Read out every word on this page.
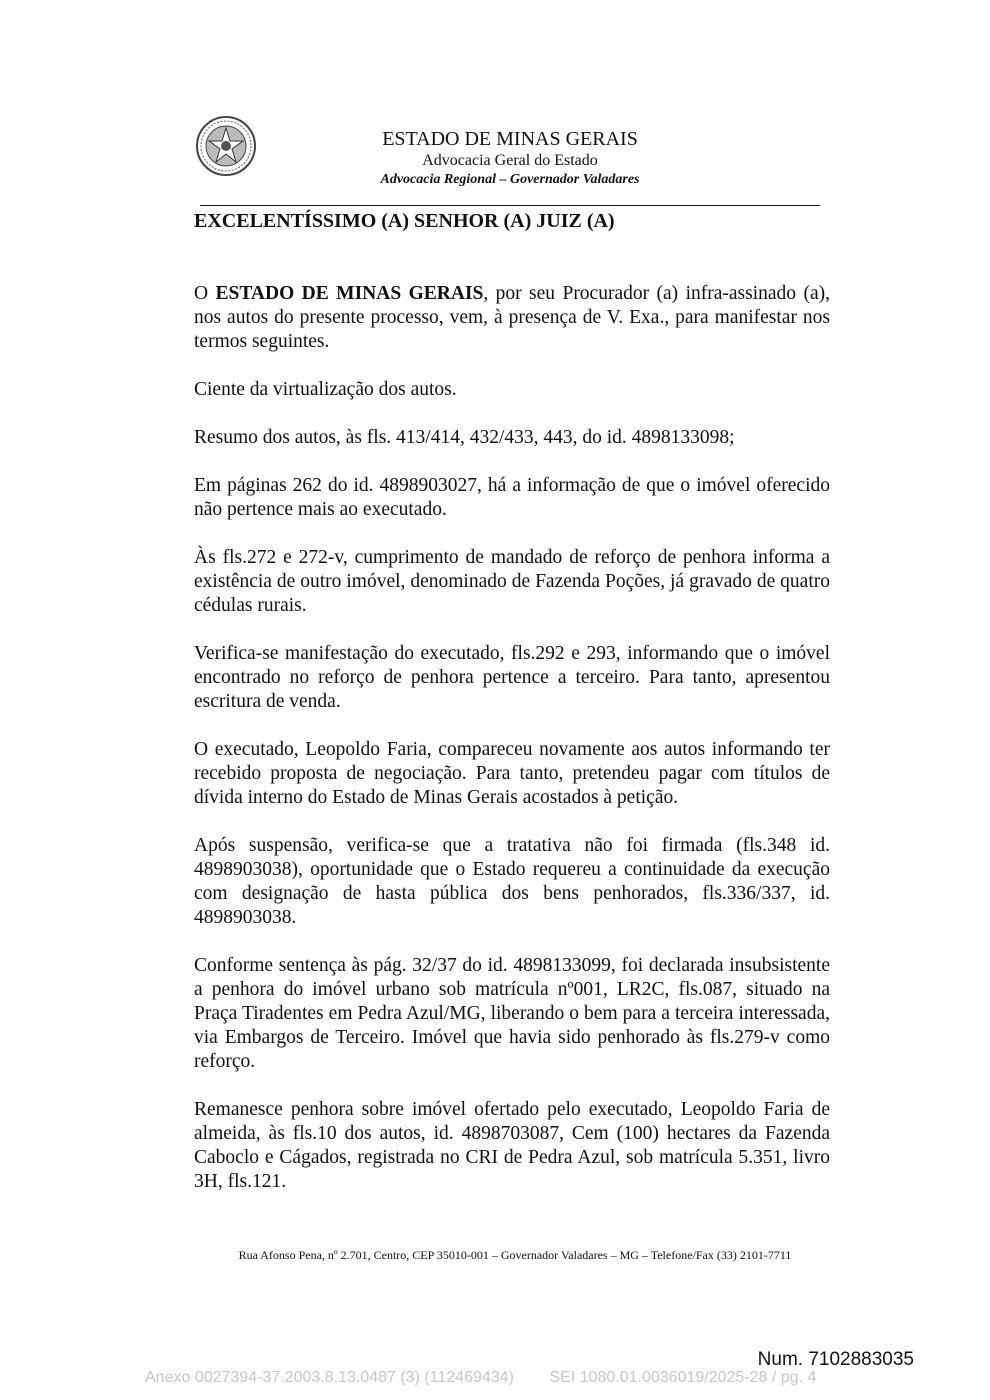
ESTADO DE MINAS GERAIS
Advocacia Geral do Estado
Advocacia Regional – Governador Valadares
EXCELENTÍSSIMO (A) SENHOR (A) JUIZ (A)

O ESTADO DE MINAS GERAIS, por seu Procurador (a) infra-assinado (a), nos autos do presente processo, vem, à presença de V. Exa., para manifestar nos termos seguintes.

Ciente da virtualização dos autos.

Resumo dos autos, às fls. 413/414, 432/433, 443, do id. 4898133098;

Em páginas 262 do id. 4898903027, há a informação de que o imóvel oferecido não pertence mais ao executado.

Às fls.272 e 272-v, cumprimento de mandado de reforço de penhora informa a existência de outro imóvel, denominado de Fazenda Poções, já gravado de quatro cédulas rurais.

Verifica-se manifestação do executado, fls.292 e 293, informando que o imóvel encontrado no reforço de penhora pertence a terceiro. Para tanto, apresentou escritura de venda.

O executado, Leopoldo Faria, compareceu novamente aos autos informando ter recebido proposta de negociação. Para tanto, pretendeu pagar com títulos de dívida interno do Estado de Minas Gerais acostados à petição.

Após suspensão, verifica-se que a tratativa não foi firmada (fls.348 id. 4898903038), oportunidade que o Estado requereu a continuidade da execução com designação de hasta pública dos bens penhorados, fls.336/337, id. 4898903038.

Conforme sentença às pág. 32/37 do id. 4898133099, foi declarada insubsistente a penhora do imóvel urbano sob matrícula nº001, LR2C, fls.087, situado na Praça Tiradentes em Pedra Azul/MG, liberando o bem para a terceira interessada, via Embargos de Terceiro. Imóvel que havia sido penhorado às fls.279-v como reforço.

Remanesce penhora sobre imóvel ofertado pelo executado, Leopoldo Faria de almeida, às fls.10 dos autos, id. 4898703087, Cem (100) hectares da Fazenda Caboclo e Cágados, registrada no CRI de Pedra Azul, sob matrícula 5.351, livro 3H, fls.121.

Rua Afonso Pena, nº 2.701, Centro, CEP 35010-001 – Governador Valadares – MG – Telefone/Fax (33) 2101-7711
Num. 7102883035
Anexo 0027394-37.2003.8.13.0487 (3) (112469434)        SEI 1080.01.0036019/2025-28 / pg. 4
